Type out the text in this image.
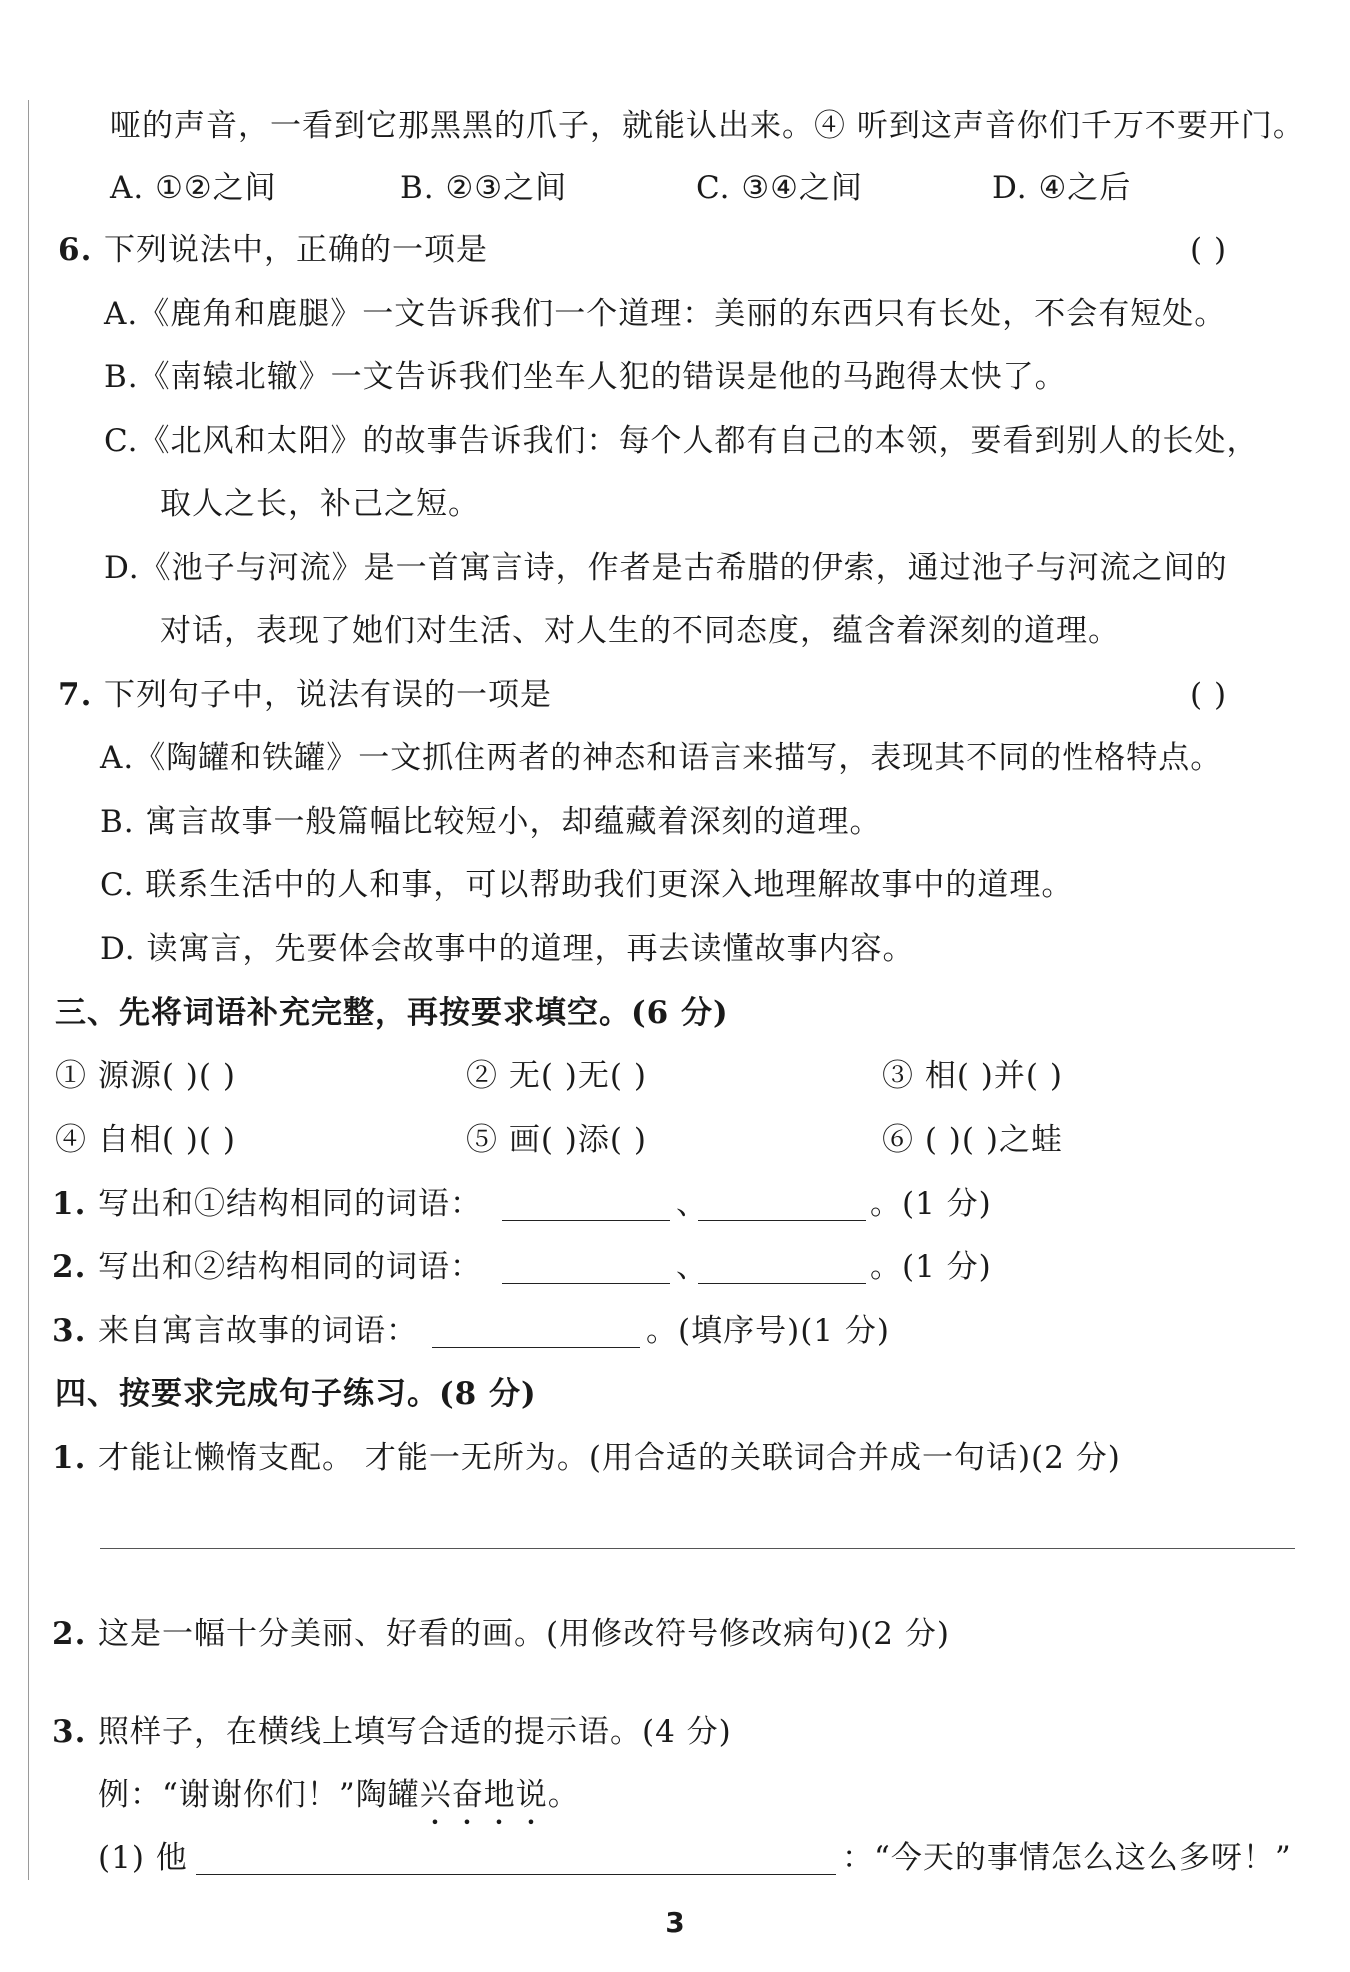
哑的声音，一看到它那黑黑的爪子，就能认出来。④ 听到这声音你们千万不要开门。
A. ①②之间	B. ②③之间	C. ③④之间	D. ④之后
6. 下列说法中，正确的一项是	( )
A.《鹿角和鹿腿》一文告诉我们一个道理：美丽的东西只有长处，不会有短处。
B.《南辕北辙》一文告诉我们坐车人犯的错误是他的马跑得太快了。
C.《北风和太阳》的故事告诉我们：每个人都有自己的本领，要看到别人的长处，
取人之长，补己之短。
D.《池子与河流》是一首寓言诗，作者是古希腊的伊索，通过池子与河流之间的
对话，表现了她们对生活、对人生的不同态度，蕴含着深刻的道理。
7. 下列句子中，说法有误的一项是	( )
A.《陶罐和铁罐》一文抓住两者的神态和语言来描写，表现其不同的性格特点。
B. 寓言故事一般篇幅比较短小，却蕴藏着深刻的道理。
C. 联系生活中的人和事，可以帮助我们更深入地理解故事中的道理。
D. 读寓言，先要体会故事中的道理，再去读懂故事内容。
三、先将词语补充完整，再按要求填空。(6 分)
① 源源( )( )	② 无( )无( )	③ 相( )并( )
④ 自相( )( )	⑤ 画( )添( )	⑥ ( )( )之蛙
1. 写出和①结构相同的词语：	、	。(1 分)
2. 写出和②结构相同的词语：	、	。(1 分)
3. 来自寓言故事的词语：	。(填序号)(1 分)
四、按要求完成句子练习。(8 分)
1. 才能让懒惰支配。 才能一无所为。(用合适的关联词合并成一句话)(2 分)
2. 这是一幅十分美丽、好看的画。(用修改符号修改病句)(2 分)
3. 照样子，在横线上填写合适的提示语。(4 分)
例：“谢谢你们！”陶罐兴奋地说。
3
(1) 他	：“今天的事情怎么这么多呀！”
